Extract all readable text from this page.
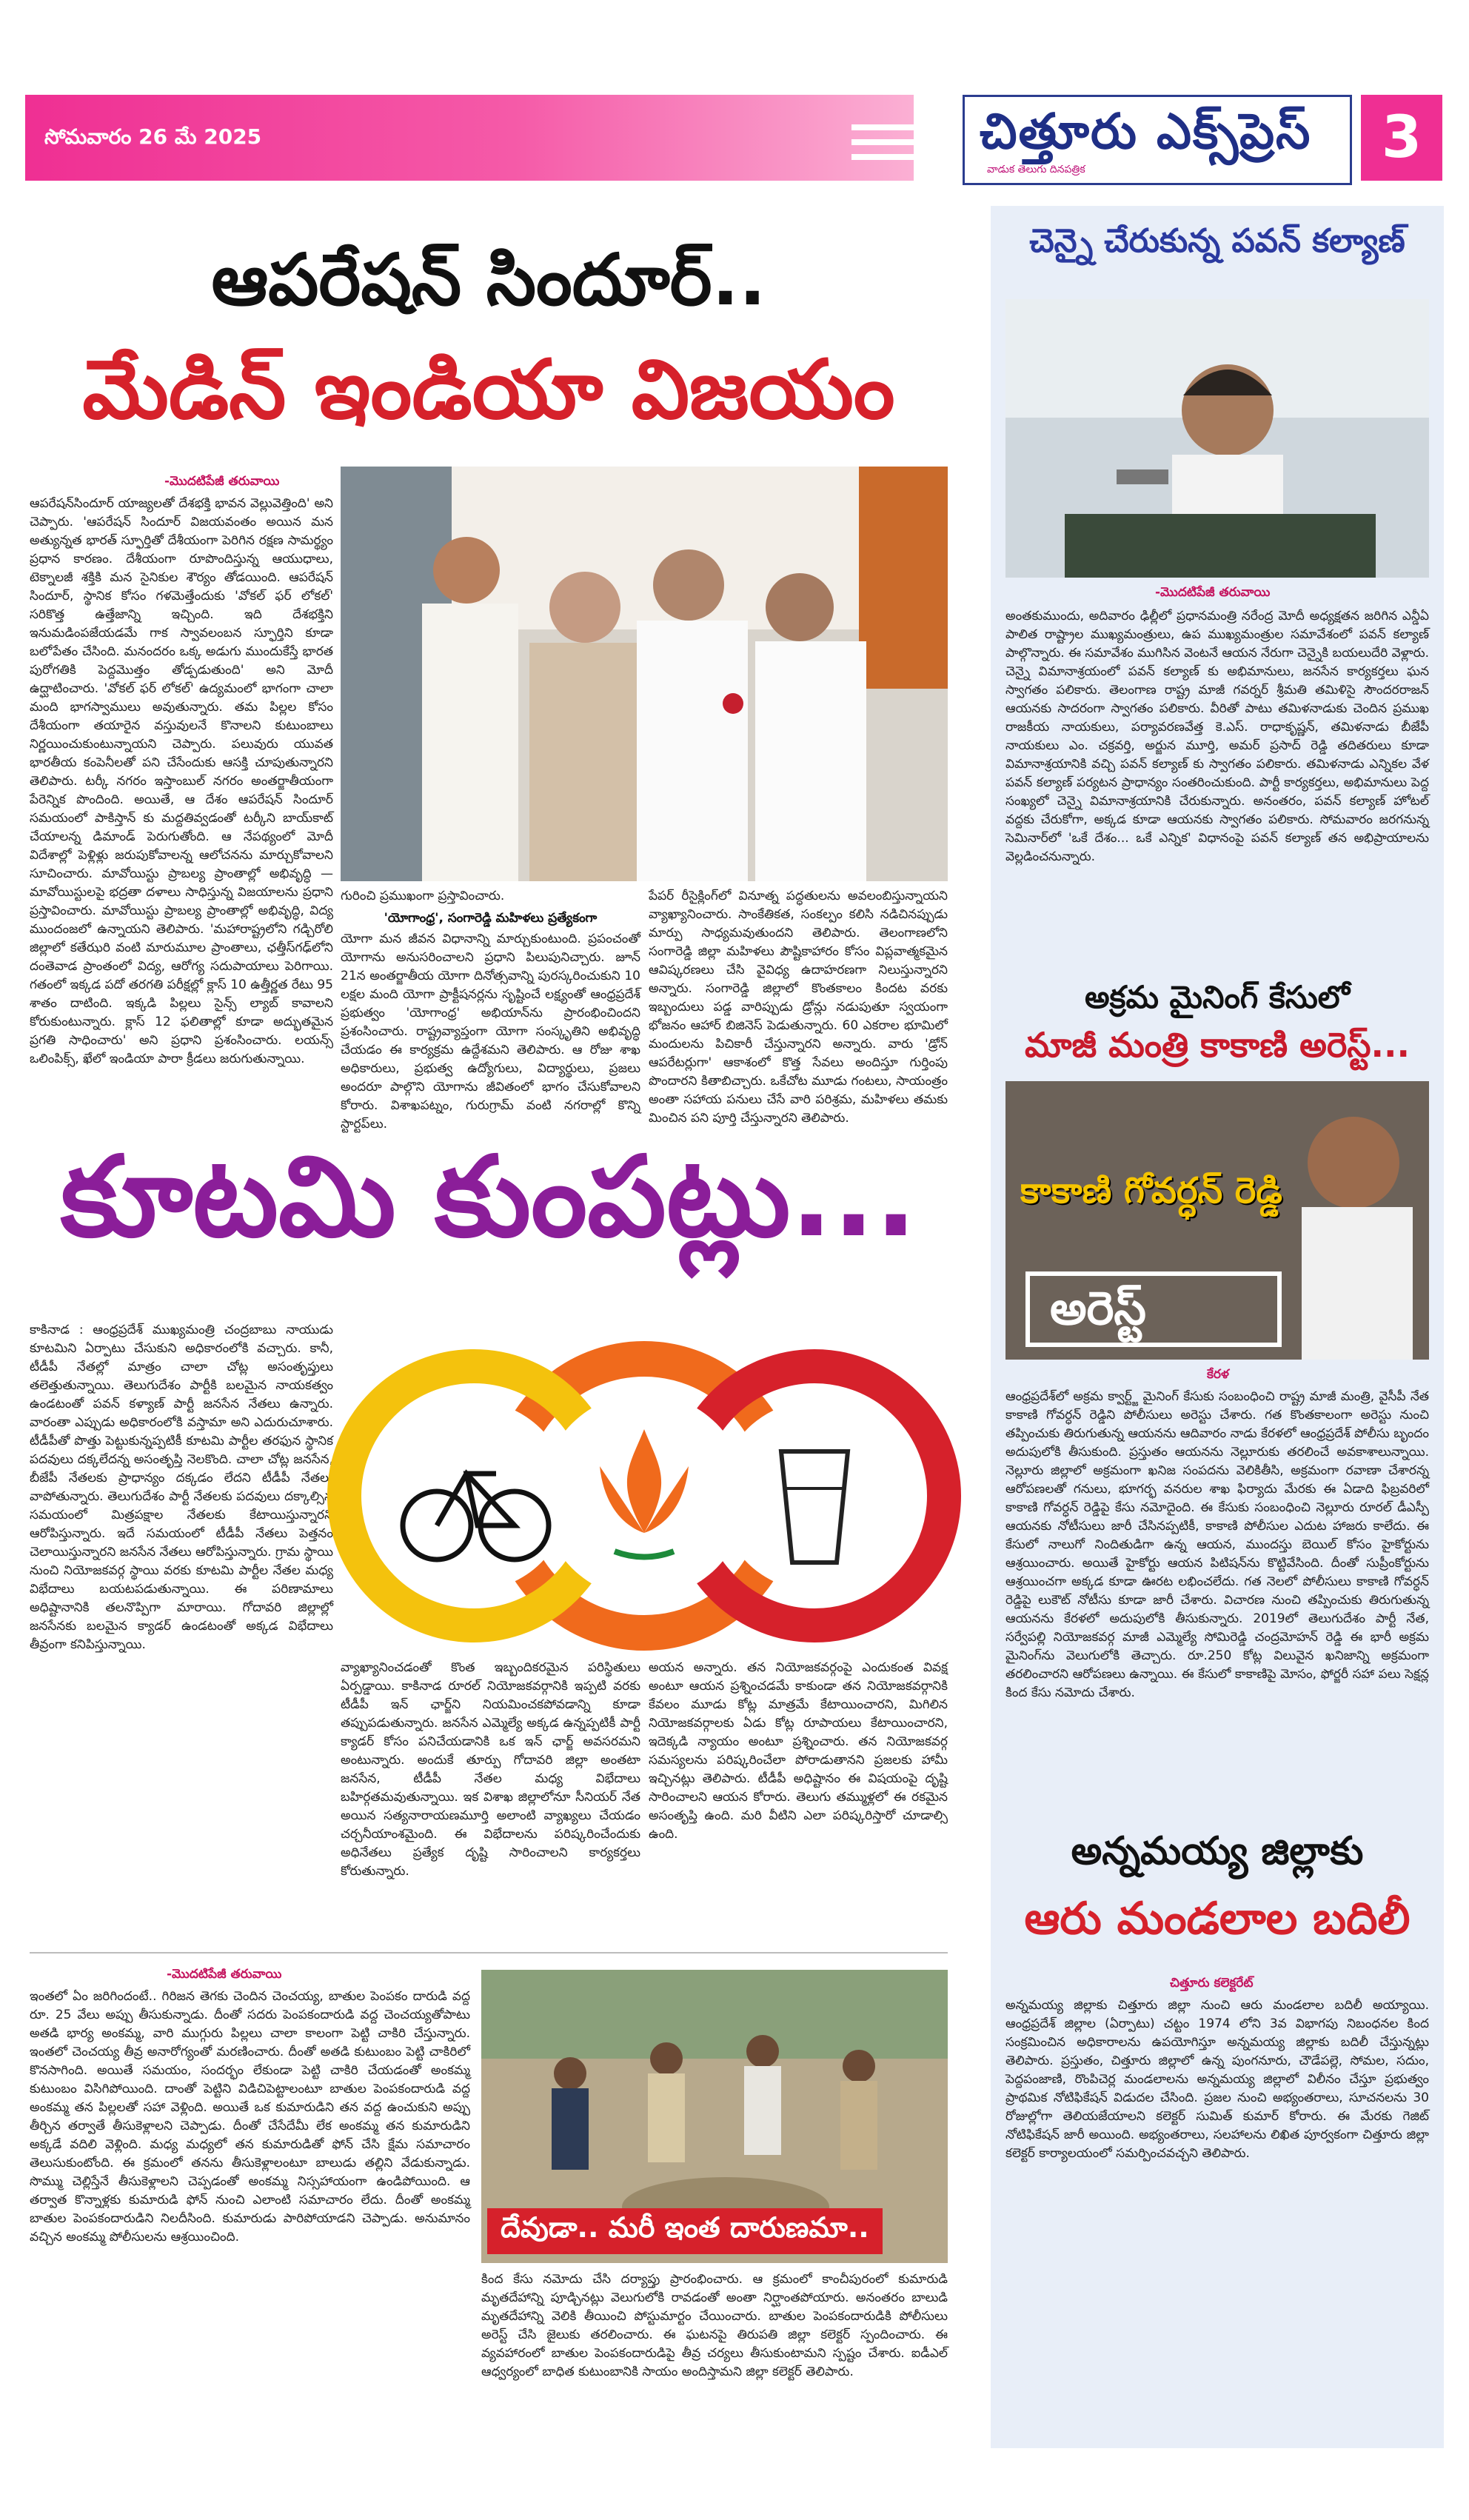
సోమవారం 26 మే 2025	చిత్తూరు ఎక్స్‌ప్రెస్
వాడుక తెలుగు దినపత్రిక	3
ఆపరేషన్ సిందూర్..
మేడిన్ ఇండియా విజయం
-మొదటిపేజీ తరువాయి
ఆపరేషన్‌సిందూర్ యాజ్యలతో దేశభక్తి భావన వెల్లువెత్తింది' అని చెప్పారు. 'ఆపరేషన్ సిందూర్ విజయవంతం అయిన మన అత్యున్నత భారత్ స్ఫూర్తితో దేశీయంగా పెరిగిన రక్షణ సామర్థ్యం ప్రధాన కారణం. దేశీయంగా రూపొందిస్తున్న ఆయుధాలు, టెక్నాలజీ శక్తికి మన సైనికుల శౌర్యం తోడయింది. ఆపరేషన్ సిందూర్, స్థానిక కోసం గళమెత్తేందుకు 'వోకల్ ఫర్ లోకల్' సరికొత్త ఉత్తేజాన్ని ఇచ్చింది. ఇది దేశభక్తిని ఇనుమడింపజేయడమే గాక స్వావలంబన స్ఫూర్తిని కూడా బలోపేతం చేసింది. మనందరం ఒక్క అడుగు ముందుకేస్తే భారత పురోగతికి పెద్దమొత్తం తోడ్పడుతుంది' అని మోదీ ఉద్ఘాటించారు. 'వోకల్ ఫర్ లోకల్' ఉద్యమంలో భాగంగా చాలా మంది భాగస్వాములు అవుతున్నారు. తమ పిల్లల కోసం దేశీయంగా తయారైన వస్తువులనే కొనాలని కుటుంబాలు నిర్ణయించుకుంటున్నాయని చెప్పారు. పలువురు యువత భారతీయ కంపెనీలతో పని చేసేందుకు ఆసక్తి చూపుతున్నారని తెలిపారు. టర్కీ నగరం ఇస్తాంబుల్ నగరం అంతర్జాతీయంగా పేరెన్నిక పొందింది. అయితే, ఆ దేశం ఆపరేషన్ సిందూర్ సమయంలో పాకిస్తాన్ కు మద్దతివ్వడంతో టర్కీని బాయ్‌కాట్ చేయాలన్న డిమాండ్ పెరుగుతోంది. ఆ నేపథ్యంలో మోదీ విదేశాల్లో పెళ్లిళ్లు జరుపుకోవాలన్న ఆలోచనను మార్చుకోవాలని సూచించారు. మావోయిస్టు ప్రాబల్య ప్రాంతాల్లో అభివృద్ధి — మావోయిస్టులపై భద్రతా దళాలు సాధిస్తున్న విజయాలను ప్రధాని ప్రస్తావించారు. మావోయిస్టు ప్రాబల్య ప్రాంతాల్లో అభివృద్ధి, విద్య ముందంజలో ఉన్నాయని తెలిపారు. 'మహారాష్ట్రలోని గడ్చిరోలి జిల్లాలో కతేఝరి వంటి మారుమూల ప్రాంతాలు, ఛత్తీస్‌గఢ్‌లోని దంతెవాడ ప్రాంతంలో విద్య, ఆరోగ్య సదుపాయాలు పెరిగాయి. గతంలో ఇక్కడ పదో తరగతి పరీక్షల్లో క్లాస్ 10 ఉత్తీర్ణత రేటు 95 శాతం దాటింది. ఇక్కడి పిల్లలు సైన్స్ ల్యాబ్ కావాలని కోరుకుంటున్నారు. క్లాస్ 12 ఫలితాల్లో కూడా అద్భుతమైన ప్రగతి సాధించారు' అని ప్రధాని ప్రశంసించారు. లయన్స్ ఒలింపిక్స్, ఖేలో ఇండియా పారా క్రీడలు జరుగుతున్నాయి.
గురించి ప్రముఖంగా ప్రస్తావించారు.
'యోగాంధ్ర', సంగారెడ్డి మహిళలు ప్రత్యేకంగా
యోగా మన జీవన విధానాన్ని మార్చుకుంటుంది. ప్రపంచంతో యోగాను అనుసరించాలని ప్రధాని పిలుపునిచ్చారు. జూన్ 21న అంతర్జాతీయ యోగా దినోత్సవాన్ని పురస్కరించుకుని 10 లక్షల మంది యోగా ప్రాక్టీషనర్లను సృష్టించే లక్ష్యంతో ఆంధ్రప్రదేశ్ ప్రభుత్వం 'యోగాంధ్ర' అభియాన్‌ను ప్రారంభించిందని ప్రశంసించారు. రాష్ట్రవ్యాప్తంగా యోగా సంస్కృతిని అభివృద్ధి చేయడం ఈ కార్యక్రమ ఉద్దేశమని తెలిపారు. ఆ రోజు శాఖ అధికారులు, ప్రభుత్వ ఉద్యోగులు, విద్యార్థులు, ప్రజలు అందరూ పాల్గొని యోగాను జీవితంలో భాగం చేసుకోవాలని కోరారు. విశాఖపట్నం, గురుగ్రామ్ వంటి నగరాల్లో కొన్ని స్టార్టప్‌లు.
పేపర్ రీసైక్లింగ్‌లో వినూత్న పద్ధతులను అవలంబిస్తున్నాయని వ్యాఖ్యానించారు. సాంకేతికత, సంకల్పం కలిసి నడిచినప్పుడు మార్పు సాధ్యమవుతుందని తెలిపారు. తెలంగాణలోని సంగారెడ్డి జిల్లా మహిళలు పౌష్టికాహారం కోసం విప్లవాత్మకమైన ఆవిష్కరణలు చేసి వైవిధ్య ఉదాహరణగా నిలుస్తున్నారని అన్నారు. సంగారెడ్డి జిల్లాలో కొంతకాలం కిందట వరకు ఇబ్బందులు పడ్డ వారిప్పుడు డ్రోన్లు నడుపుతూ స్వయంగా భోజనం ఆహార్ బిజినెస్ పెడుతున్నారు. 60 ఎకరాల భూమిలో మందులను పిచికారీ చేస్తున్నారని అన్నారు. వారు 'డ్రోన్ ఆపరేటర్లుగా' ఆకాశంలో కొత్త సేవలు అందిస్తూ గుర్తింపు పొందారని కితాబిచ్చారు. ఒకేచోట మూడు గంటలు, సాయంత్రం అంతా సహాయ పనులు చేసే వారి పరిశ్రమ, మహిళలు తమకు మించిన పని పూర్తి చేస్తున్నారని తెలిపారు.
కూటమి కుంపట్లు...
కాకినాడ : ఆంధ్రప్రదేశ్ ముఖ్యమంత్రి చంద్రబాబు నాయుడు కూటమిని ఏర్పాటు చేసుకుని అధికారంలోకి వచ్చారు. కానీ, టీడీపీ నేతల్లో మాత్రం చాలా చోట్ల అసంతృప్తులు తలెత్తుతున్నాయి. తెలుగుదేశం పార్టీకి బలమైన నాయకత్వం ఉండటంతో పవన్ కళ్యాణ్ పార్టీ జనసేన నేతలు ఉన్నారు. వారంతా ఎప్పుడు అధికారంలోకి వస్తామా అని ఎదురుచూశారు. టీడీపీతో పొత్తు పెట్టుకున్నప్పటికీ కూటమి పార్టీల తరఫున స్థానిక పదవులు దక్కలేదన్న అసంతృప్తి నెలకొంది. చాలా చోట్ల జనసేన, బీజేపీ నేతలకు ప్రాధాన్యం దక్కడం లేదని టీడీపీ నేతలు వాపోతున్నారు. తెలుగుదేశం పార్టీ నేతలకు పదవులు దక్కాల్సిన సమయంలో మిత్రపక్షాల నేతలకు కేటాయిస్తున్నారని ఆరోపిస్తున్నారు. ఇదే సమయంలో టీడీపీ నేతలు పెత్తనం చెలాయిస్తున్నారని జనసేన నేతలు ఆరోపిస్తున్నారు. గ్రామ స్థాయి నుంచి నియోజకవర్గ స్థాయి వరకు కూటమి పార్టీల నేతల మధ్య విభేదాలు బయటపడుతున్నాయి. ఈ పరిణామాలు అధిష్టానానికి తలనొప్పిగా మారాయి. గోదావరి జిల్లాల్లో జనసేనకు బలమైన క్యాడర్ ఉండటంతో అక్కడ విభేదాలు తీవ్రంగా కనిపిస్తున్నాయి.
వ్యాఖ్యానించడంతో కొంత ఇబ్బందికరమైన పరిస్థితులు ఏర్పడ్డాయి. కాకినాడ రూరల్ నియోజకవర్గానికి ఇప్పటి వరకు టీడీపీ ఇన్ ఛార్జ్‌ని నియమించకపోవడాన్ని కూడా తప్పుపడుతున్నారు. జనసేన ఎమ్మెల్యే అక్కడ ఉన్నప్పటికీ పార్టీ క్యాడర్ కోసం పనిచేయడానికి ఒక ఇన్ ఛార్జ్ అవసరమని అంటున్నారు. అందుకే తూర్పు గోదావరి జిల్లా అంతటా జనసేన, టీడీపీ నేతల మధ్య విభేదాలు బహిర్గతమవుతున్నాయి. ఇక విశాఖ జిల్లాలోనూ సీనియర్ నేత అయిన సత్యనారాయణమూర్తి అలాంటి వ్యాఖ్యలు చేయడం చర్చనీయాంశమైంది. ఈ విభేదాలను పరిష్కరించేందుకు అధినేతలు ప్రత్యేక దృష్టి సారించాలని కార్యకర్తలు కోరుతున్నారు.
అయన అన్నారు. తన నియోజకవర్గంపై ఎందుకంత వివక్ష అంటూ ఆయన ప్రశ్నించడమే కాకుండా తన నియోజకవర్గానికి కేవలం మూడు కోట్ల మాత్రమే కేటాయించారని, మిగిలిన నియోజకవర్గాలకు ఏడు కోట్ల రూపాయలు కేటాయించారని, ఇదెక్కడి న్యాయం అంటూ ప్రశ్నించారు. తన నియోజకవర్గ సమస్యలను పరిష్కరించేలా పోరాడుతానని ప్రజలకు హామీ ఇచ్చినట్లు తెలిపారు. టీడీపీ అధిష్టానం ఈ విషయంపై దృష్టి సారించాలని ఆయన కోరారు. తెలుగు తమ్ముళ్లలో ఈ రకమైన అసంతృప్తి ఉంది. మరి వీటిని ఎలా పరిష్కరిస్తారో చూడాల్సి ఉంది.
-మొదటిపేజీ తరువాయి
ఇంతలో ఏం జరిగిందంటే.. గిరిజన తెగకు చెందిన చెంచయ్య, బాతుల పెంపకం దారుడి వద్ద రూ. 25 వేలు అప్పు తీసుకున్నాడు. దీంతో సదరు పెంపకందారుడి వద్ద చెంచయ్యతోపాటు అతడి భార్య అంకమ్మ, వారి ముగ్గురు పిల్లలు చాలా కాలంగా పెట్టి చాకిరి చేస్తున్నారు. ఇంతలో చెంచయ్య తీవ్ర అనారోగ్యంతో మరణించారు. దీంతో అతడి కుటుంబం పెట్టి చాకిరిలో కొనసాగింది. అయితే సమయం, సందర్భం లేకుండా పెట్టి చాకిరి చేయడంతో అంకమ్మ కుటుంబం విసిగిపోయింది. దాంతో పెట్టిని విడిచిపెట్టాలంటూ బాతుల పెంపకందారుడి వద్ద అంకమ్మ తన పిల్లలతో సహా వెళ్లింది. అయితే ఒక కుమారుడిని తన వద్ద ఉంచుకుని అప్పు తీర్చిన తర్వాతే తీసుకెళ్లాలని చెప్పాడు. దీంతో చేసేదేమీ లేక అంకమ్మ తన కుమారుడిని అక్కడే వదిలి వెళ్లింది. మధ్య మధ్యలో తన కుమారుడితో ఫోన్ చేసి క్షేమ సమాచారం తెలుసుకుంటోంది. ఈ క్రమంలో తనను తీసుకెళ్లాలంటూ బాలుడు తల్లిని వేడుకున్నాడు. సొమ్ము చెల్లిస్తేనే తీసుకెళ్లాలని చెప్పడంతో అంకమ్మ నిస్సహాయంగా ఉండిపోయింది. ఆ తర్వాత కొన్నాళ్లకు కుమారుడి ఫోన్ నుంచి ఎలాంటి సమాచారం లేదు. దీంతో అంకమ్మ బాతుల పెంపకందారుడిని నిలదీసింది. కుమారుడు పారిపోయాడని చెప్పాడు. అనుమానం వచ్చిన అంకమ్మ పోలీసులను ఆశ్రయించింది.	దేవుడా.. మరీ ఇంత దారుణమా..
కింద కేసు నమోదు చేసి దర్యాప్తు ప్రారంభించారు. ఆ క్రమంలో కాంచీపురంలో కుమారుడి మృతదేహాన్ని పూడ్చినట్లు వెలుగులోకి రావడంతో అంతా నిర్ఘాంతపోయారు. అనంతరం బాలుడి మృతదేహాన్ని వెలికి తీయించి పోస్టుమార్టం చేయించారు. బాతుల పెంపకందారుడికి పోలీసులు అరెస్ట్ చేసి జైలుకు తరలించారు. ఈ ఘటనపై తిరుపతి జిల్లా కలెక్టర్ స్పందించారు. ఈ వ్యవహారంలో బాతుల పెంపకందారుడిపై తీవ్ర చర్యలు తీసుకుంటామని స్పష్టం చేశారు. ఐడీఎల్ ఆధ్వర్యంలో బాధిత కుటుంబానికి సాయం అందిస్తామని జిల్లా కలెక్టర్ తెలిపారు.
చెన్నై చేరుకున్న పవన్ కల్యాణ్
-మొదటిపేజీ తరువాయి
అంతకుముందు, అదివారం ఢిల్లీలో ప్రధానమంత్రి నరేంద్ర మోదీ అధ్యక్షతన జరిగిన ఎన్డీఏ పాలిత రాష్ట్రాల ముఖ్యమంత్రులు, ఉప ముఖ్యమంత్రుల సమావేశంలో పవన్ కల్యాణ్ పాల్గొన్నారు. ఈ సమావేశం ముగిసిన వెంటనే ఆయన నేరుగా చెన్నైకి బయలుదేరి వెళ్లారు. చెన్నై విమానాశ్రయంలో పవన్ కల్యాణ్ కు అభిమానులు, జనసేన కార్యకర్తలు ఘన స్వాగతం పలికారు. తెలంగాణ రాష్ట్ర మాజీ గవర్నర్ శ్రీమతి తమిళిసై సౌందరరాజన్ ఆయనకు సాదరంగా స్వాగతం పలికారు. వీరితో పాటు తమిళనాడుకు చెందిన ప్రముఖ రాజకీయ నాయకులు, పర్యావరణవేత్త కె.ఎస్. రాధాకృష్ణన్, తమిళనాడు బీజేపీ నాయకులు ఎం. చక్రవర్తి, అర్జున మూర్తి, అమర్ ప్రసాద్ రెడ్డి తదితరులు కూడా విమానాశ్రయానికి వచ్చి పవన్ కల్యాణ్ కు స్వాగతం పలికారు. తమిళనాడు ఎన్నికల వేళ పవన్ కల్యాణ్ పర్యటన ప్రాధాన్యం సంతరించుకుంది. పార్టీ కార్యకర్తలు, అభిమానులు పెద్ద సంఖ్యలో చెన్నై విమానాశ్రయానికి చేరుకున్నారు. అనంతరం, పవన్ కల్యాణ్ హోటల్ వద్దకు చేరుకోగా, అక్కడ కూడా ఆయనకు స్వాగతం పలికారు. సోమవారం జరగనున్న సెమినార్‌లో 'ఒకే దేశం... ఒకే ఎన్నిక' విధానంపై పవన్ కల్యాణ్ తన అభిప్రాయాలను వెల్లడించనున్నారు.
అక్రమ మైనింగ్ కేసులో
మాజీ మంత్రి కాకాణి అరెస్ట్...
కాకాణి గోవర్ధన్ రెడ్డి
అరెస్ట్
కేరళ
ఆంధ్రప్రదేశ్‌లో అక్రమ క్వార్ట్జ్ మైనింగ్ కేసుకు సంబంధించి రాష్ట్ర మాజీ మంత్రి, వైసీపీ నేత కాకాణి గోవర్ధన్ రెడ్డిని పోలీసులు అరెస్టు చేశారు. గత కొంతకాలంగా అరెస్టు నుంచి తప్పించుకు తిరుగుతున్న ఆయనను ఆదివారం నాడు కేరళలో ఆంధ్రప్రదేశ్ పోలీసు బృందం అదుపులోకి తీసుకుంది. ప్రస్తుతం ఆయనను నెల్లూరుకు తరలించే అవకాశాలున్నాయి. నెల్లూరు జిల్లాలో అక్రమంగా ఖనిజ సంపదను వెలికితీసి, అక్రమంగా రవాణా చేశారన్న ఆరోపణలతో గనులు, భూగర్భ వనరుల శాఖ ఫిర్యాదు మేరకు ఈ ఏడాది ఫిబ్రవరిలో కాకాణి గోవర్ధన్ రెడ్డిపై కేసు నమోదైంది. ఈ కేసుకు సంబంధించి నెల్లూరు రూరల్ డీఎస్పీ ఆయనకు నోటీసులు జారీ చేసినప్పటికీ, కాకాణి పోలీసుల ఎదుట హాజరు కాలేదు. ఈ కేసులో నాలుగో నిందితుడిగా ఉన్న ఆయన, ముందస్తు బెయిల్ కోసం హైకోర్టును ఆశ్రయించారు. అయితే హైకోర్టు ఆయన పిటిషన్‌ను కొట్టివేసింది. దీంతో సుప్రీంకోర్టును ఆశ్రయించగా అక్కడ కూడా ఊరట లభించలేదు. గత నెలలో పోలీసులు కాకాణి గోవర్ధన్ రెడ్డిపై లుకౌట్ నోటీసు కూడా జారీ చేశారు. విచారణ నుంచి తప్పించుకు తిరుగుతున్న ఆయనను కేరళలో అదుపులోకి తీసుకున్నారు. 2019లో తెలుగుదేశం పార్టీ నేత, సర్వేపల్లి నియోజకవర్గ మాజీ ఎమ్మెల్యే సోమిరెడ్డి చంద్రమోహన్ రెడ్డి ఈ భారీ అక్రమ మైనింగ్‌ను వెలుగులోకి తెచ్చారు. రూ.250 కోట్ల విలువైన ఖనిజాన్ని అక్రమంగా తరలించారని ఆరోపణలు ఉన్నాయి. ఈ కేసులో కాకాణిపై మోసం, ఫోర్జరీ సహా పలు సెక్షన్ల కింద కేసు నమోదు చేశారు.
అన్నమయ్య జిల్లాకు
ఆరు మండలాల బదిలీ
చిత్తూరు కలెక్టరేట్
అన్నమయ్య జిల్లాకు చిత్తూరు జిల్లా నుంచి ఆరు మండలాల బదిలీ అయ్యాయి. ఆంధ్రప్రదేశ్ జిల్లాల (ఏర్పాటు) చట్టం 1974 లోని 3వ విభాగపు నిబంధనల కింద సంక్రమించిన అధికారాలను ఉపయోగిస్తూ అన్నమయ్య జిల్లాకు బదిలీ చేస్తున్నట్లు తెలిపారు. ప్రస్తుతం, చిత్తూరు జిల్లాలో ఉన్న పుంగనూరు, చౌడేపల్లె, సోమల, సదుం, పెద్దపంజాణి, రొంపిచెర్ల మండలాలను అన్నమయ్య జిల్లాలో విలీనం చేస్తూ ప్రభుత్వం ప్రాథమిక నోటిఫికేషన్ విడుదల చేసింది. ప్రజల నుంచి అభ్యంతరాలు, సూచనలను 30 రోజుల్లోగా తెలియజేయాలని కలెక్టర్ సుమిత్ కుమార్ కోరారు. ఈ మేరకు గెజిట్ నోటిఫికేషన్ జారీ అయింది. అభ్యంతరాలు, సలహాలను లిఖిత పూర్వకంగా చిత్తూరు జిల్లా కలెక్టర్ కార్యాలయంలో సమర్పించవచ్చని తెలిపారు.
